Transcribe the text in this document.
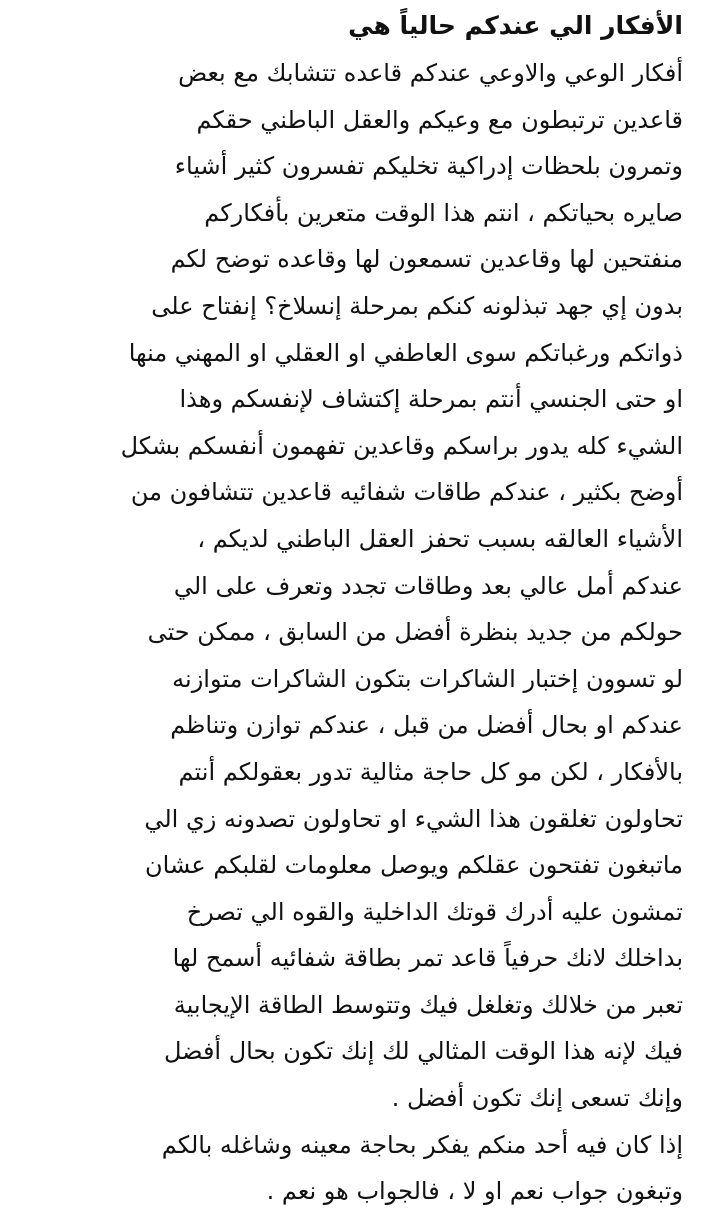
الأفكار الي عندكم حالياً هي
أفكار الوعي والاوعي عندكم قاعده تتشابك مع بعض
قاعدين ترتبطون مع وعيكم والعقل الباطني حقكم
وتمرون بلحظات إدراكية تخليكم تفسرون كثير أشياء
صايره بحياتكم ، انتم هذا الوقت متعرين بأفكاركم
منفتحين لها وقاعدين تسمعون لها وقاعده توضح لكم
بدون إي جهد تبذلونه كنكم بمرحلة إنسلاخ؟ إنفتاح على
ذواتكم ورغباتكم سوى العاطفي او العقلي او المهني منها
او حتى الجنسي أنتم بمرحلة إكتشاف لإنفسكم وهذا
الشيء كله يدور براسكم وقاعدين تفهمون أنفسكم بشكل
أوضح بكثير ، عندكم طاقات شفائيه قاعدين تتشافون من
الأشياء العالقه بسبب تحفز العقل الباطني لديكم ،
عندكم أمل عالي بعد وطاقات تجدد وتعرف على الي
حولكم من جديد بنظرة أفضل من السابق ، ممكن حتى
لو تسوون إختبار الشاكرات بتكون الشاكرات متوازنه
عندكم او بحال أفضل من قبل ، عندكم توازن وتناظم
بالأفكار ، لكن مو كل حاجة مثالية تدور بعقولكم أنتم
تحاولون تغلقون هذا الشيء او تحاولون تصدونه زي الي
ماتبغون تفتحون عقلكم ويوصل معلومات لقلبكم عشان
تمشون عليه أدرك قوتك الداخلية والقوه الي تصرخ
بداخلك لانك حرفياً قاعد تمر بطاقة شفائيه أسمح لها
تعبر من خلالك وتغلغل فيك وتتوسط الطاقة الإيجابية
فيك لإنه هذا الوقت المثالي لك إنك تكون بحال أفضل
وإنك تسعى إنك تكون أفضل .
إذا كان فيه أحد منكم يفكر بحاجة معينه وشاغله بالكم
وتبغون جواب نعم او لا ، فالجواب هو نعم .
